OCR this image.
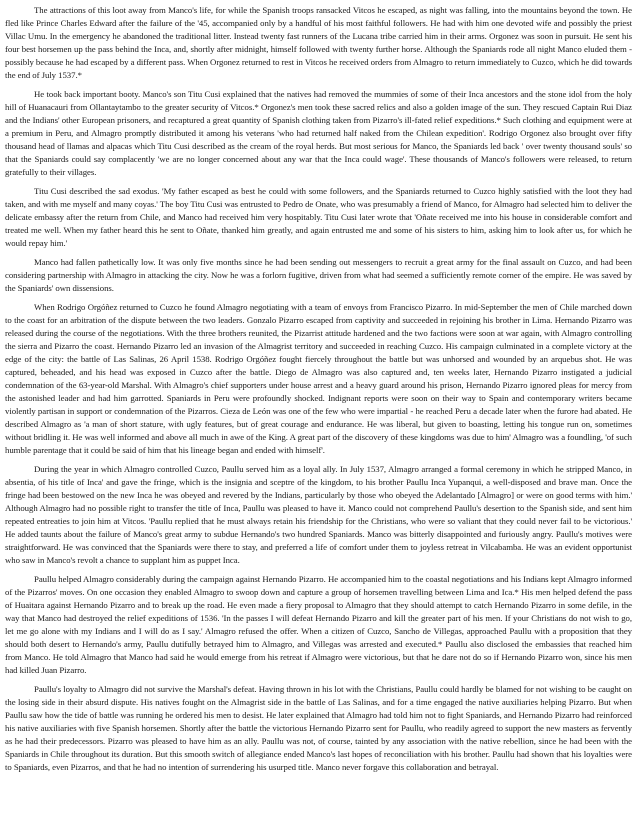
The attractions of this loot away from Manco's life, for while the Spanish troops ransacked Vitcos he escaped, as night was falling, into the mountains beyond the town. He fled like Prince Charles Edward after the failure of the '45, accompanied only by a handful of his most faithful followers. He had with him one devoted wife and possibly the priest Villac Umu. In the emergency he abandoned the traditional litter. Instead twenty fast runners of the Lucana tribe carried him in their arms. Orgonez was soon in pursuit. He sent his four best horsemen up the pass behind the Inca, and, shortly after midnight, himself followed with twenty further horse. Although the Spaniards rode all night Manco eluded them - possibly because he had escaped by a different pass. When Orgonez returned to rest in Vitcos he received orders from Almagro to return immediately to Cuzco, which he did towards the end of July 1537.*

He took back important booty. Manco's son Titu Cusi explained that the natives had removed the mummies of some of their Inca ancestors and the stone idol from the holy hill of Huanacauri from Ollantaytambo to the greater security of Vitcos.* Orgonez's men took these sacred relics and also a golden image of the sun. They rescued Captain Rui Diaz and the Indians' other European prisoners, and recaptured a great quantity of Spanish clothing taken from Pizarro's ill-fated relief expeditions.* Such clothing and equipment were at a premium in Peru, and Almagro promptly distributed it among his veterans 'who had returned half naked from the Chilean expedition'. Rodrigo Orgonez also brought over fifty thousand head of llamas and alpacas which Titu Cusi described as the cream of the royal herds. But most serious for Manco, the Spaniards led back ' over twenty thousand souls' so that the Spaniards could say complacently 'we are no longer concerned about any war that the Inca could wage'. These thousands of Manco's followers were released, to return gratefully to their villages.

Titu Cusi described the sad exodus. 'My father escaped as best he could with some followers, and the Spaniards returned to Cuzco highly satisfied with the loot they had taken, and with me myself and many coyas.' The boy Titu Cusi was entrusted to Pedro de Onate, who was presumably a friend of Manco, for Almagro had selected him to deliver the delicate embassy after the return from Chile, and Manco had received him very hospitably. Titu Cusi later wrote that 'Oñate received me into his house in considerable comfort and treated me well. When my father heard this he sent to Oñate, thanked him greatly, and again entrusted me and some of his sisters to him, asking him to look after us, for which he would repay him.'

Manco had fallen pathetically low. It was only five months since he had been sending out messengers to recruit a great army for the final assault on Cuzco, and had been considering partnership with Almagro in attacking the city. Now he was a forlorn fugitive, driven from what had seemed a sufficiently remote corner of the empire. He was saved by the Spaniards' own dissensions.

When Rodrigo Orgóñez returned to Cuzco he found Almagro negotiating with a team of envoys from Francisco Pizarro. In mid-September the men of Chile marched down to the coast for an arbitration of the dispute between the two leaders. Gonzalo Pizarro escaped from captivity and succeeded in rejoining his brother in Lima. Hernando Pizarro was released during the course of the negotiations. With the three brothers reunited, the Pizarrist attitude hardened and the two factions were soon at war again, with Almagro controlling the sierra and Pizarro the coast. Hernando Pizarro led an invasion of the Almagrist territory and succeeded in reaching Cuzco. His campaign culminated in a complete victory at the edge of the city: the battle of Las Salinas, 26 April 1538. Rodrigo Orgóñez fought fiercely throughout the battle but was unhorsed and wounded by an arquebus shot. He was captured, beheaded, and his head was exposed in Cuzco after the battle. Diego de Almagro was also captured and, ten weeks later, Hernando Pizarro instigated a judicial condemnation of the 63-year-old Marshal. With Almagro's chief supporters under house arrest and a heavy guard around his prison, Hernando Pizarro ignored pleas for mercy from the astonished leader and had him garrotted. Spaniards in Peru were profoundly shocked. Indignant reports were soon on their way to Spain and contemporary writers became violently partisan in support or condemnation of the Pizarros. Cieza de León was one of the few who were impartial - he reached Peru a decade later when the furore had abated. He described Almagro as 'a man of short stature, with ugly features, but of great courage and endurance. He was liberal, but given to boasting, letting his tongue run on, sometimes without bridling it. He was well informed and above all much in awe of the King. A great part of the discovery of these kingdoms was due to him' Almagro was a foundling, 'of such humble parentage that it could be said of him that his lineage began and ended with himself'.

During the year in which Almagro controlled Cuzco, Paullu served him as a loyal ally. In July 1537, Almagro arranged a formal ceremony in which he stripped Manco, in absentia, of his title of Inca' and gave the fringe, which is the insignia and sceptre of the kingdom, to his brother Paullu Inca Yupanqui, a well-disposed and brave man. Once the fringe had been bestowed on the new Inca he was obeyed and revered by the Indians, particularly by those who obeyed the Adelantado [Almagro] or were on good terms with him.' Although Almagro had no possible right to transfer the title of Inca, Paullu was pleased to have it. Manco could not comprehend Paullu's desertion to the Spanish side, and sent him repeated entreaties to join him at Vitcos. 'Paullu replied that he must always retain his friendship for the Christians, who were so valiant that they could never fail to be victorious.' He added taunts about the failure of Manco's great army to subdue Hernando's two hundred Spaniards. Manco was bitterly disappointed and furiously angry. Paullu's motives were straightforward. He was convinced that the Spaniards were there to stay, and preferred a life of comfort under them to joyless retreat in Vilcabamba. He was an evident opportunist who saw in Manco's revolt a chance to supplant him as puppet Inca.

Paullu helped Almagro considerably during the campaign against Hernando Pizarro. He accompanied him to the coastal negotiations and his Indians kept Almagro informed of the Pizarros' moves. On one occasion they enabled Almagro to swoop down and capture a group of horsemen travelling between Lima and Ica.* His men helped defend the pass of Huaitara against Hernando Pizarro and to break up the road. He even made a fiery proposal to Almagro that they should attempt to catch Hernando Pizarro in some defile, in the way that Manco had destroyed the relief expeditions of 1536. 'In the passes I will defeat Hernando Pizarro and kill the greater part of his men. If your Christians do not wish to go, let me go alone with my Indians and I will do as I say.' Almagro refused the offer. When a citizen of Cuzco, Sancho de Villegas, approached Paullu with a proposition that they should both desert to Hernando's army, Paullu dutifully betrayed him to Almagro, and Villegas was arrested and executed.* Paullu also disclosed the embassies that reached him from Manco. He told Almagro that Manco had said he would emerge from his retreat if Almagro were victorious, but that he dare not do so if Hernando Pizarro won, since his men had killed Juan Pizarro.

Paullu's loyalty to Almagro did not survive the Marshal's defeat. Having thrown in his lot with the Christians, Paullu could hardly be blamed for not wishing to be caught on the losing side in their absurd dispute. His natives fought on the Almagrist side in the battle of Las Salinas, and for a time engaged the native auxiliaries helping Pizarro. But when Paullu saw how the tide of battle was running he ordered his men to desist. He later explained that Almagro had told him not to fight Spaniards, and Hernando Pizarro had reinforced his native auxiliaries with five Spanish horsemen. Shortly after the battle the victorious Hernando Pizarro sent for Paullu, who readily agreed to support the new masters as fervently as he had their predecessors. Pizarro was pleased to have him as an ally. Paullu was not, of course, tainted by any association with the native rebellion, since he had been with the Spaniards in Chile throughout its duration. But this smooth switch of allegiance ended Manco's last hopes of reconciliation with his brother. Paullu had shown that his loyalties were to Spaniards, even Pizarros, and that he had no intention of surrendering his usurped title. Manco never forgave this collaboration and betrayal.
